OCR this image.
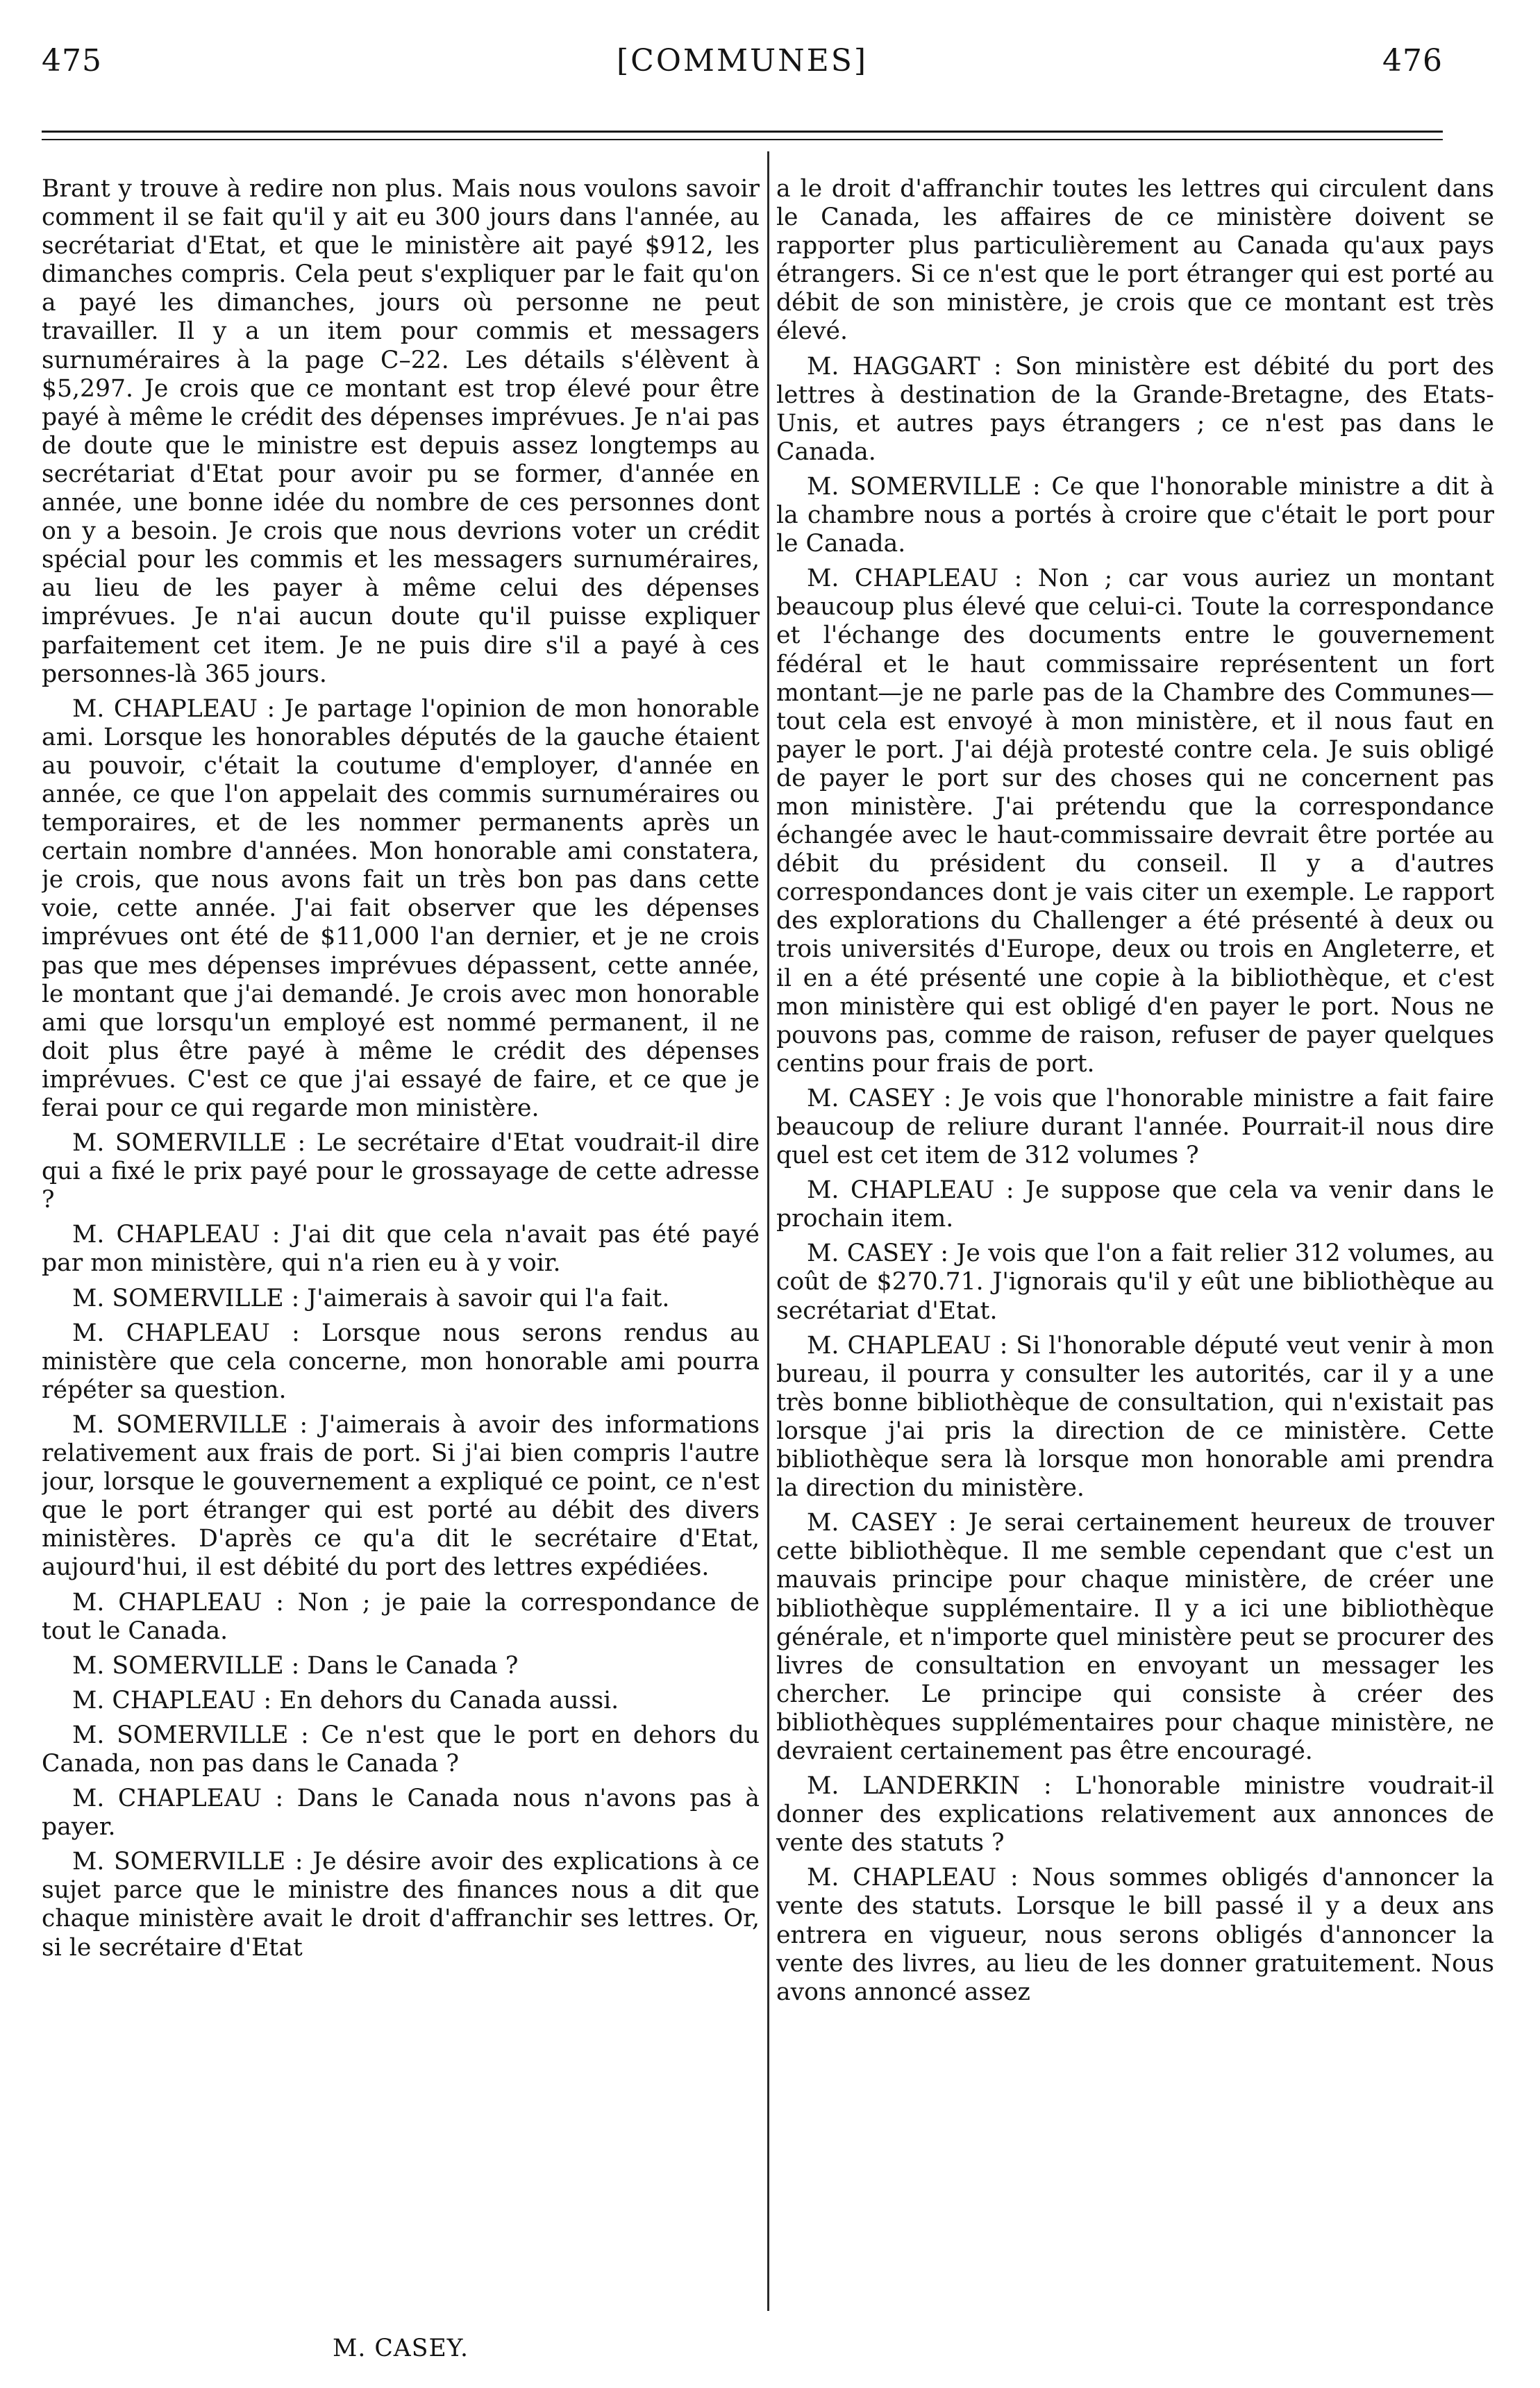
475	[COMMUNES]	476

Brant y trouve à redire non plus. Mais nous voulons savoir comment il se fait qu'il y ait eu 300 jours dans l'année, au secrétariat d'Etat, et que le ministère ait payé $912, les dimanches compris. Cela peut s'expliquer par le fait qu'on a payé les dimanches, jours où personne ne peut travailler. Il y a un item pour commis et messagers surnuméraires à la page C–22. Les détails s'élèvent à $5,297. Je crois que ce montant est trop élevé pour être payé à même le crédit des dépenses imprévues. Je n'ai pas de doute que le ministre est depuis assez longtemps au secrétariat d'Etat pour avoir pu se former, d'année en année, une bonne idée du nombre de ces personnes dont on y a besoin. Je crois que nous devrions voter un crédit spécial pour les commis et les messagers surnuméraires, au lieu de les payer à même celui des dépenses imprévues. Je n'ai aucun doute qu'il puisse expliquer parfaitement cet item. Je ne puis dire s'il a payé à ces personnes-là 365 jours.

M. CHAPLEAU : Je partage l'opinion de mon honorable ami. Lorsque les honorables députés de la gauche étaient au pouvoir, c'était la coutume d'employer, d'année en année, ce que l'on appelait des commis surnuméraires ou temporaires, et de les nommer permanents après un certain nombre d'années. Mon honorable ami constatera, je crois, que nous avons fait un très bon pas dans cette voie, cette année. J'ai fait observer que les dépenses imprévues ont été de $11,000 l'an dernier, et je ne crois pas que mes dépenses imprévues dépassent, cette année, le montant que j'ai demandé. Je crois avec mon honorable ami que lorsqu'un employé est nommé permanent, il ne doit plus être payé à même le crédit des dépenses imprévues. C'est ce que j'ai essayé de faire, et ce que je ferai pour ce qui regarde mon ministère.

M. SOMERVILLE : Le secrétaire d'Etat voudrait-il dire qui a fixé le prix payé pour le grossayage de cette adresse ?

M. CHAPLEAU : J'ai dit que cela n'avait pas été payé par mon ministère, qui n'a rien eu à y voir.

M. SOMERVILLE : J'aimerais à savoir qui l'a fait.

M. CHAPLEAU : Lorsque nous serons rendus au ministère que cela concerne, mon honorable ami pourra répéter sa question.

M. SOMERVILLE : J'aimerais à avoir des informations relativement aux frais de port. Si j'ai bien compris l'autre jour, lorsque le gouvernement a expliqué ce point, ce n'est que le port étranger qui est porté au débit des divers ministères. D'après ce qu'a dit le secrétaire d'Etat, aujourd'hui, il est débité du port des lettres expédiées.

M. CHAPLEAU : Non ; je paie la correspondance de tout le Canada.

M. SOMERVILLE : Dans le Canada ?

M. CHAPLEAU : En dehors du Canada aussi.

M. SOMERVILLE : Ce n'est que le port en dehors du Canada, non pas dans le Canada ?

M. CHAPLEAU : Dans le Canada nous n'avons pas à payer.

M. SOMERVILLE : Je désire avoir des explications à ce sujet parce que le ministre des finances nous a dit que chaque ministère avait le droit d'affranchir ses lettres. Or, si le secrétaire d'Etat

a le droit d'affranchir toutes les lettres qui circulent dans le Canada, les affaires de ce ministère doivent se rapporter plus particulièrement au Canada qu'aux pays étrangers. Si ce n'est que le port étranger qui est porté au débit de son ministère, je crois que ce montant est très élevé.

M. HAGGART : Son ministère est débité du port des lettres à destination de la Grande-Bretagne, des Etats-Unis, et autres pays étrangers ; ce n'est pas dans le Canada.

M. SOMERVILLE : Ce que l'honorable ministre a dit à la chambre nous a portés à croire que c'était le port pour le Canada.

M. CHAPLEAU : Non ; car vous auriez un montant beaucoup plus élevé que celui-ci. Toute la correspondance et l'échange des documents entre le gouvernement fédéral et le haut commissaire représentent un fort montant—je ne parle pas de la Chambre des Communes—tout cela est envoyé à mon ministère, et il nous faut en payer le port. J'ai déjà protesté contre cela. Je suis obligé de payer le port sur des choses qui ne concernent pas mon ministère. J'ai prétendu que la correspondance échangée avec le haut-commissaire devrait être portée au débit du président du conseil. Il y a d'autres correspondances dont je vais citer un exemple. Le rapport des explorations du Challenger a été présenté à deux ou trois universités d'Europe, deux ou trois en Angleterre, et il en a été présenté une copie à la bibliothèque, et c'est mon ministère qui est obligé d'en payer le port. Nous ne pouvons pas, comme de raison, refuser de payer quelques centins pour frais de port.

M. CASEY : Je vois que l'honorable ministre a fait faire beaucoup de reliure durant l'année. Pourrait-il nous dire quel est cet item de 312 volumes ?

M. CHAPLEAU : Je suppose que cela va venir dans le prochain item.

M. CASEY : Je vois que l'on a fait relier 312 volumes, au coût de $270.71. J'ignorais qu'il y eût une bibliothèque au secrétariat d'Etat.

M. CHAPLEAU : Si l'honorable député veut venir à mon bureau, il pourra y consulter les autorités, car il y a une très bonne bibliothèque de consultation, qui n'existait pas lorsque j'ai pris la direction de ce ministère. Cette bibliothèque sera là lorsque mon honorable ami prendra la direction du ministère.

M. CASEY : Je serai certainement heureux de trouver cette bibliothèque. Il me semble cependant que c'est un mauvais principe pour chaque ministère, de créer une bibliothèque supplémentaire. Il y a ici une bibliothèque générale, et n'importe quel ministère peut se procurer des livres de consultation en envoyant un messager les chercher. Le principe qui consiste à créer des bibliothèques supplémentaires pour chaque ministère, ne devraient certainement pas être encouragé.

M. LANDERKIN : L'honorable ministre voudrait-il donner des explications relativement aux annonces de vente des statuts ?

M. CHAPLEAU : Nous sommes obligés d'annoncer la vente des statuts. Lorsque le bill passé il y a deux ans entrera en vigueur, nous serons obligés d'annoncer la vente des livres, au lieu de les donner gratuitement. Nous avons annoncé assez

M. CASEY.
